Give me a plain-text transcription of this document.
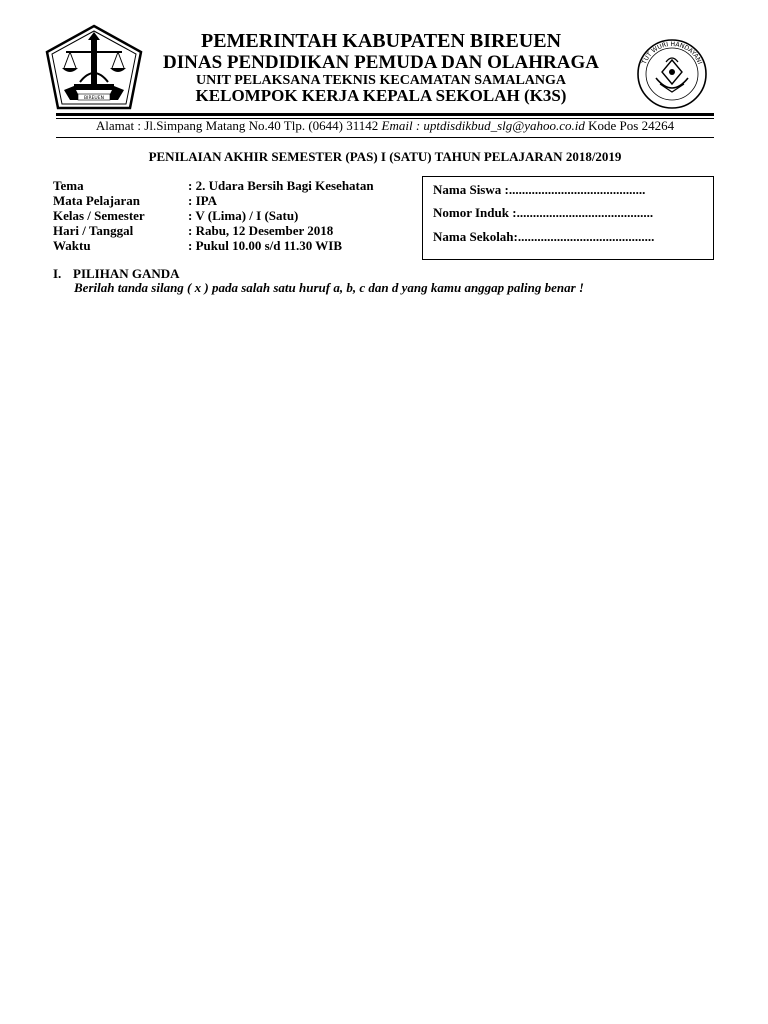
BIREUEN
TUT WURI HANDAYANI
PEMERINTAH KABUPATEN BIREUEN
DINAS PENDIDIKAN PEMUDA DAN OLAHRAGA
UNIT PELAKSANA TEKNIS KECAMATAN SAMALANGA
KELOMPOK KERJA KEPALA SEKOLAH (K3S)
Alamat : Jl.Simpang Matang No.40 Tlp. (0644) 31142 Email : uptdisdikbud_slg@yahoo.co.id Kode Pos 24264
PENILAIAN AKHIR SEMESTER (PAS) I (SATU) TAHUN PELAJARAN 2018/2019
Tema	: 2. Udara Bersih Bagi Kesehatan
Mata Pelajaran	: IPA
Kelas / Semester	: V (Lima) / I (Satu)
Hari / Tanggal	: Rabu, 12 Desember 2018
Waktu	: Pukul 10.00 s/d 11.30 WIB
Nama Siswa :..........................................
Nomor Induk :..........................................
Nama Sekolah:..........................................
I. PILIHAN GANDA
Berilah tanda silang ( x ) pada salah satu huruf a, b, c dan d yang kamu anggap paling benar !
